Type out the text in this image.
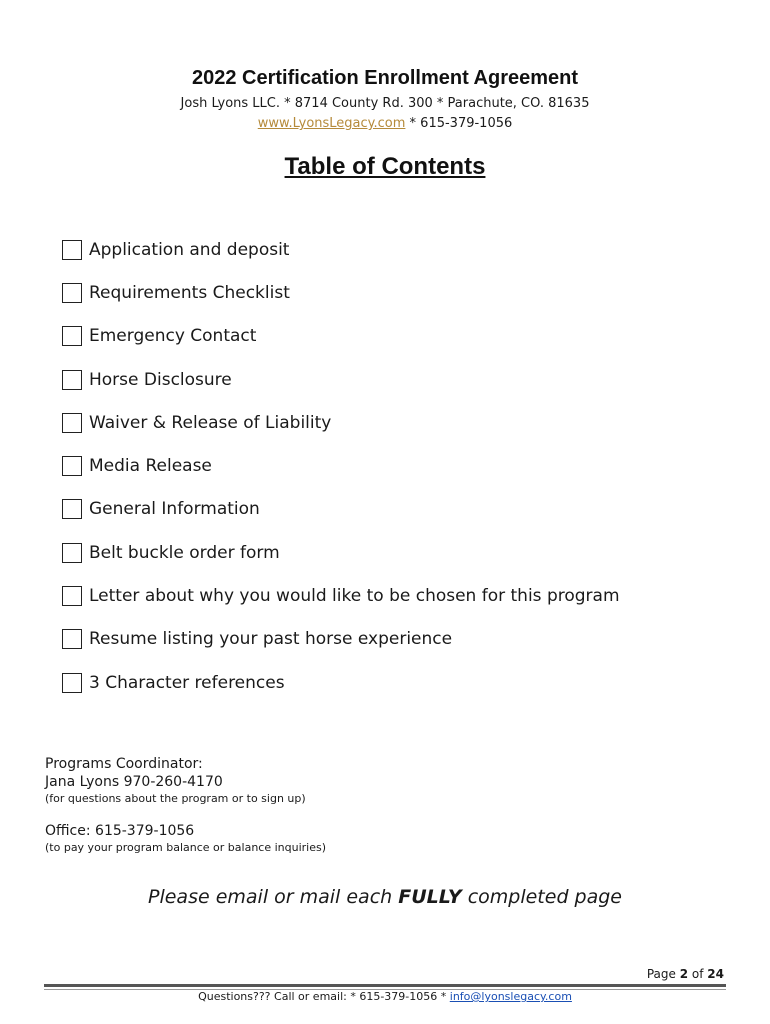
2022 Certification Enrollment Agreement
Josh Lyons LLC. * 8714 County Rd. 300 * Parachute, CO. 81635
www.LyonsLegacy.com * 615-379-1056
Table of Contents
Application and deposit
Requirements Checklist
Emergency Contact
Horse Disclosure
Waiver & Release of Liability
Media Release
General Information
Belt buckle order form
Letter about why you would like to be chosen for this program
Resume listing your past horse experience
3 Character references
Programs Coordinator:
Jana Lyons 970-260-4170
(for questions about the program or to sign up)
Office: 615-379-1056
(to pay your program balance or balance inquiries)
Please email or mail each FULLY completed page
Page 2 of 24
Questions??? Call or email: * 615-379-1056 * info@lyonslegacy.com
